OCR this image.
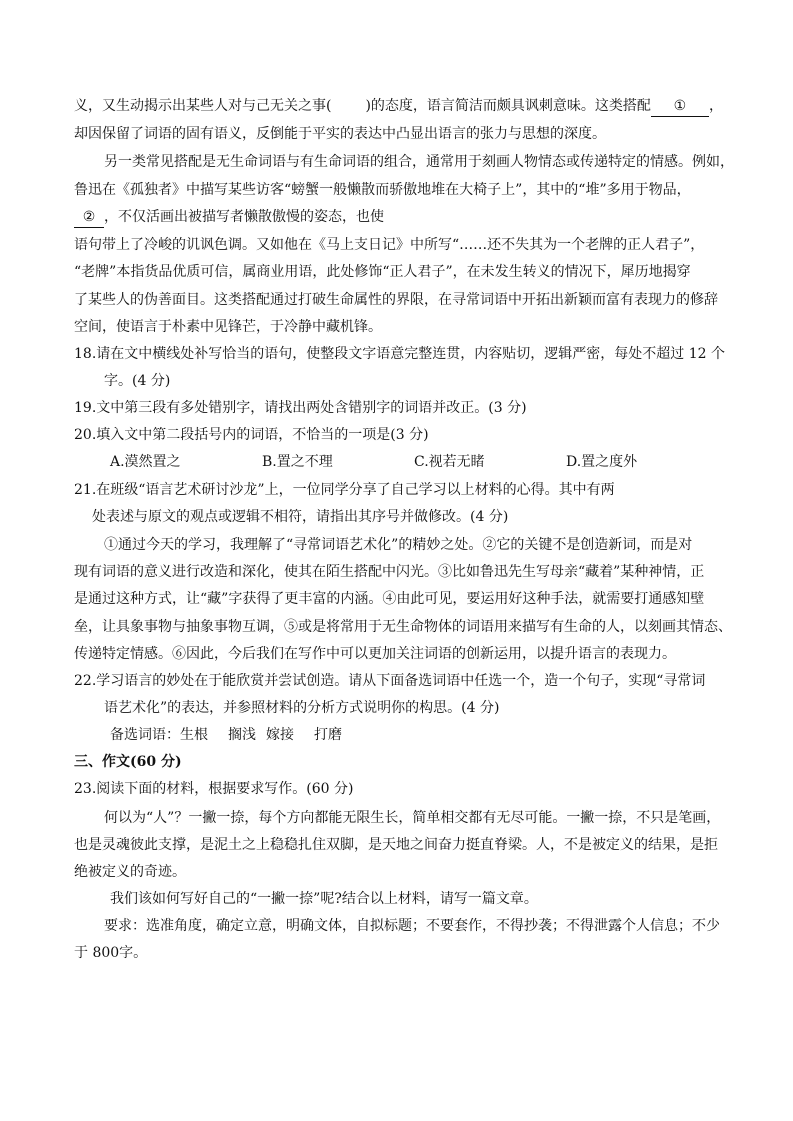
义，又生动揭示出某些人对与己无关之事( )的态度，语言简洁而颇具讽刺意味。这类搭配 ① ，
却因保留了词语的固有语义，反倒能于平实的表达中凸显出语言的张力与思想的深度。
另一类常见搭配是无生命词语与有生命词语的组合，通常用于刻画人物情态或传递特定的情感。例如，
鲁迅在《孤独者》中描写某些访客“螃蟹一般懒散而骄傲地堆在大椅子上”，其中的“堆”多用于物品，
② ，不仅活画出被描写者懒散傲慢的姿态，也使
语句带上了冷峻的讥讽色调。又如他在《马上支日记》中所写“……还不失其为一个老牌的正人君子”，
“老牌”本指货品优质可信，属商业用语，此处修饰“正人君子”，在未发生转义的情况下，犀历地揭穿
了某些人的伪善面目。这类搭配通过打破生命属性的界限，在寻常词语中开拓出新颖而富有表现力的修辞
空间，使语言于朴素中见锋芒，于冷静中藏机锋。
18.请在文中横线处补写恰当的语句，使整段文字语意完整连贯，内容贴切，逻辑严密，每处不超过 12 个
字。(4 分)
19.文中第三段有多处错别字，请找出两处含错别字的词语并改正。(3 分)
20.填入文中第二段括号内的词语，不恰当的一项是(3 分)
A.漠然置之	B.置之不理	C.视若无睹	D.置之度外
21.在班级“语言艺术研讨沙龙”上，一位同学分享了自己学习以上材料的心得。其中有两
处表述与原文的观点或逻辑不相符，请指出其序号并做修改。(4 分)
①通过今天的学习，我理解了“寻常词语艺术化”的精妙之处。②它的关键不是创造新词，而是对
现有词语的意义进行改造和深化，使其在陌生搭配中闪光。③比如鲁迅先生写母亲“藏着”某种神情，正
是通过这种方式，让“藏”字获得了更丰富的内涵。④由此可见，要运用好这种手法，就需要打通感知壁
垒，让具象事物与抽象事物互调，⑤或是将常用于无生命物体的词语用来描写有生命的人，以刻画其情态、
传递特定情感。⑥因此，今后我们在写作中可以更加关注词语的创新运用，以提升语言的表现力。
22.学习语言的妙处在于能欣赏并尝试创造。请从下面备选词语中任选一个，造一个句子，实现“寻常词
语艺术化”的表达，并参照材料的分析方式说明你的构思。(4 分)
备选词语：生根 搁浅 嫁接 打磨
三、作文(60 分)
23.阅读下面的材料，根据要求写作。(60 分)
何以为“人”？一撇一捺，每个方向都能无限生长，简单相交都有无尽可能。一撇一捺，不只是笔画，
也是灵魂彼此支撑，是泥土之上稳稳扎住双脚，是天地之间奋力挺直脊梁。人，不是被定义的结果，是拒
绝被定义的奇迹。
我们该如何写好自己的“一撇一捺”呢?结合以上材料，请写一篇文章。
要求：选准角度，确定立意，明确文体，自拟标题；不要套作，不得抄袭；不得泄露个人信息；不少
于 800字。
